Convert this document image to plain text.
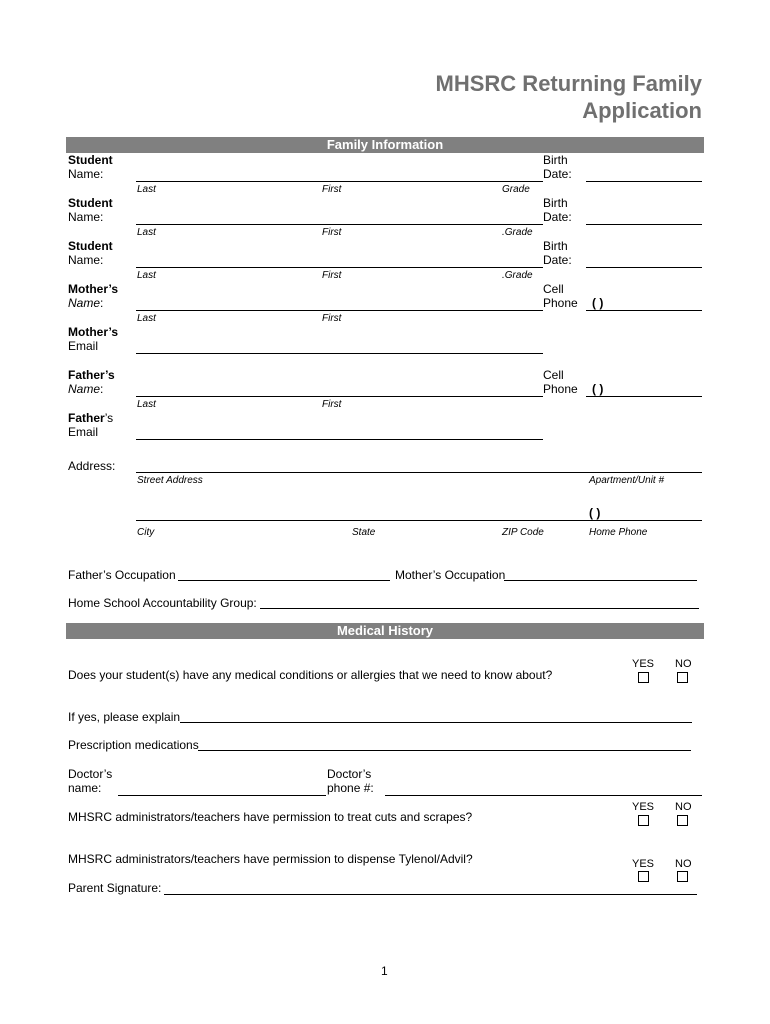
MHSRC Returning Family
Application
Family Information
Student
Name:
Last	First	Grade
Birth
Date:
Student
Name:
Last	First	.Grade
Birth
Date:
Student
Name:
Last	First	.Grade
Birth
Date:
Mother’s
Name:
Last	First
Cell
Phone ( )
Mother’s
Email
Father’s
Name:
Last	First
Cell
Phone ( )
Father’s
Email
Address:
Street Address	Apartment/Unit #
( )
City	State	ZIP Code	Home Phone
Father’s Occupation	Mother’s Occupation
Home School Accountability Group:
Medical History
YES NO
Does your student(s) have any medical conditions or allergies that we need to know about?
If yes, please explain
Prescription medications
Doctor’s
name:
Doctor’s
phone #:
YES NO
MHSRC administrators/teachers have permission to treat cuts and scrapes?
MHSRC administrators/teachers have permission to dispense Tylenol/Advil?	YES NO
Parent Signature:
1
